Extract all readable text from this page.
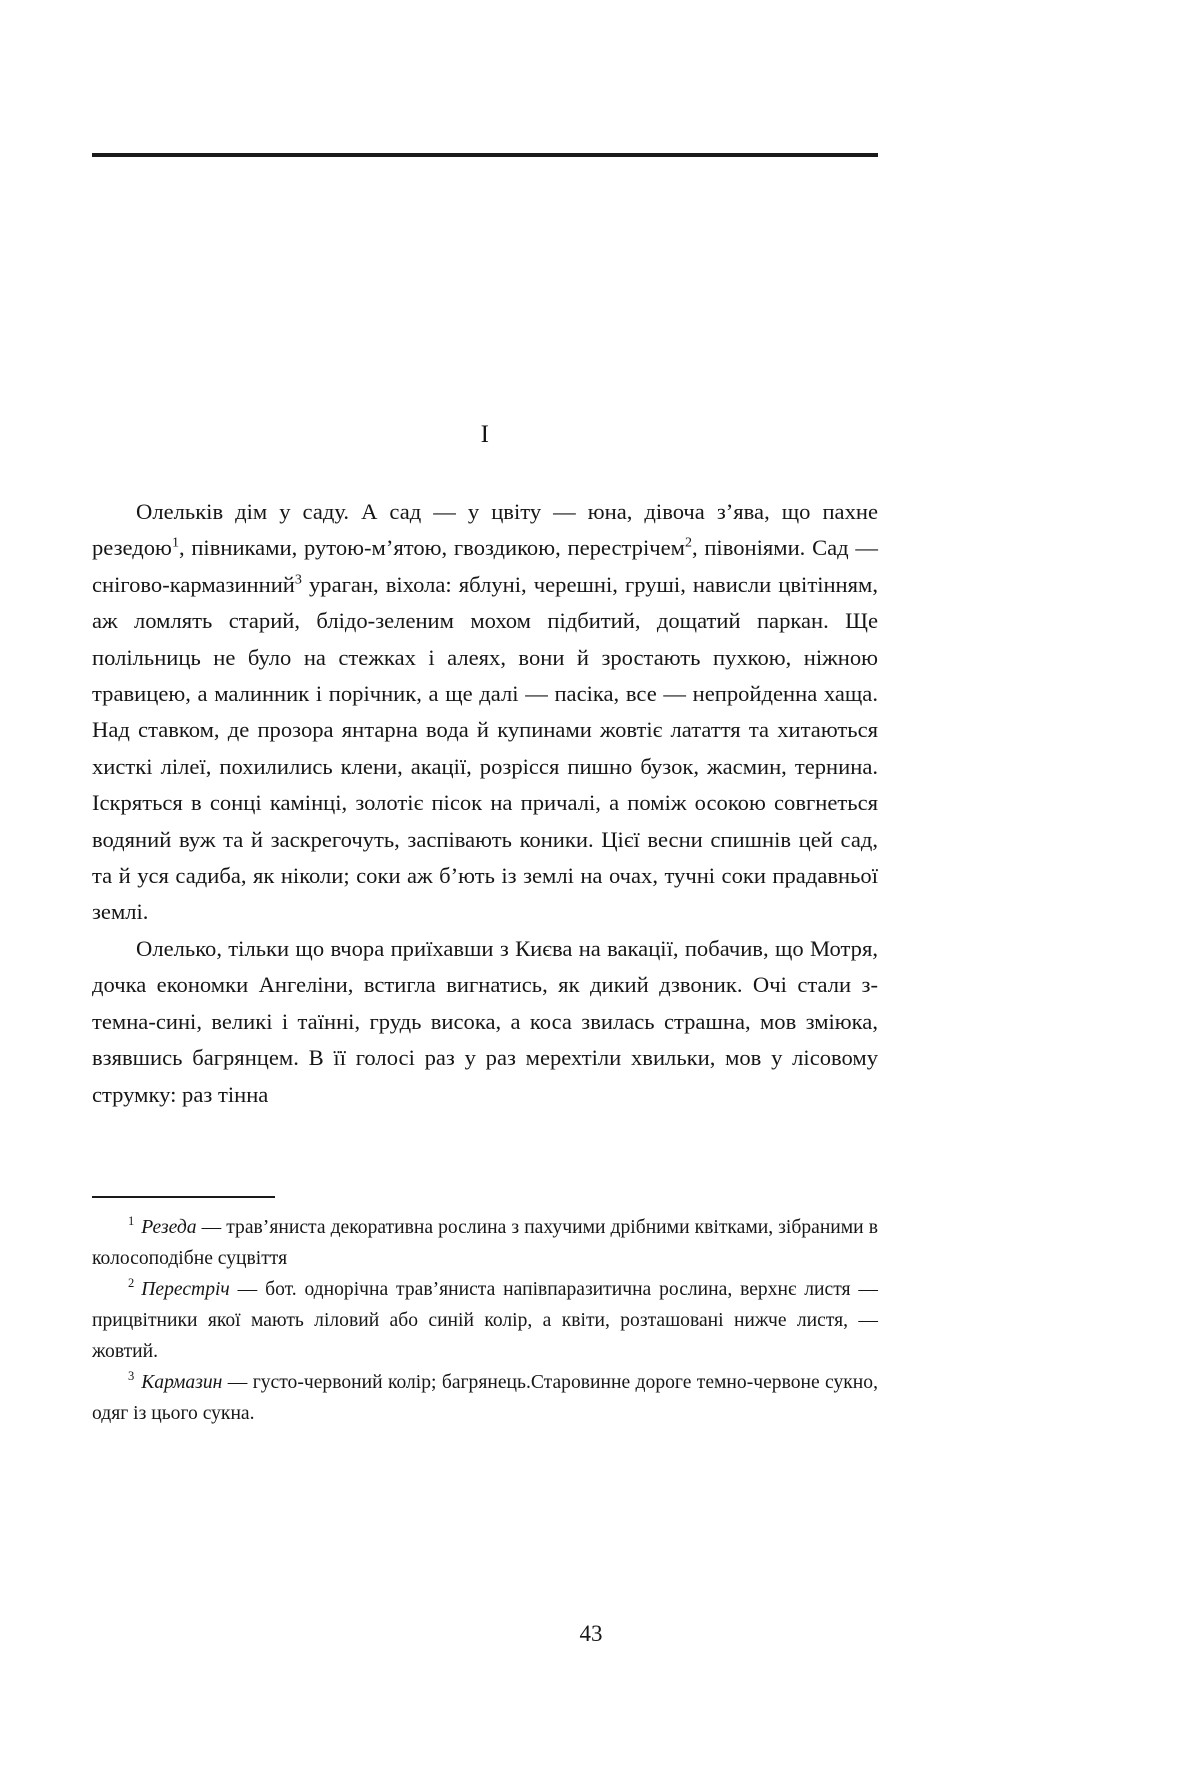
I

Олельків дім у саду. А сад — у цвіту — юна, дівоча з’ява, що пахне резедою$^1$, півниками, рутою-м’ятою, гвоздикою, перестрічем$^2$, півоніями. Сад — снігово-кармазинний$^3$ ураган, віхола: яблуні, черешні, груші, нависли цвітінням, аж ломлять старий, блідо-зеленим мохом підбитий, дощатий паркан. Ще полільниць не було на стежках і алеях, вони й зростають пухкою, ніжною травицею, а малинник і порічник, а ще далі — пасіка, все — непройденна хаща. Над ставком, де прозора янтарна вода й купинами жовтіє латаття та хитаються хисткі лілеї, похилились клени, акації, розрісся пишно бузок, жасмин, тернина. Іскряться в сонці камінці, золотіє пісок на причалі, а поміж осокою совгнеться водяний вуж та й заскрегочуть, заспівають коники. Цієї весни спишнів цей сад, та й уся садиба, як ніколи; соки аж б’ють із землі на очах, тучні соки прадавньої землі.

Олелько, тільки що вчора приїхавши з Києва на вакації, побачив, що Мотря, дочка економки Ангеліни, встигла вигнатись, як дикий дзвоник. Очі стали з-темна-сині, великі і таїнні, грудь висока, а коса звилась страшна, мов зміюка, взявшись багрянцем. В її голосі раз у раз мерехтіли хвильки, мов у лісовому струмку: раз тінна

$^1$ Резеда — трав’яниста декоративна рослина з пахучими дрібними квітками, зібраними в колосоподібне суцвіття

$^2$ Перестріч — бот. однорічна трав’яниста напівпаразитична рослина, верхнє листя — прицвітники якої мають ліловий або синій колір, а квіти, розташовані нижче листя, — жовтий.

$^3$ Кармазин — густо-червоний колір; багрянець.Старовинне дороге темно-червоне сукно, одяг із цього сукна.

43
